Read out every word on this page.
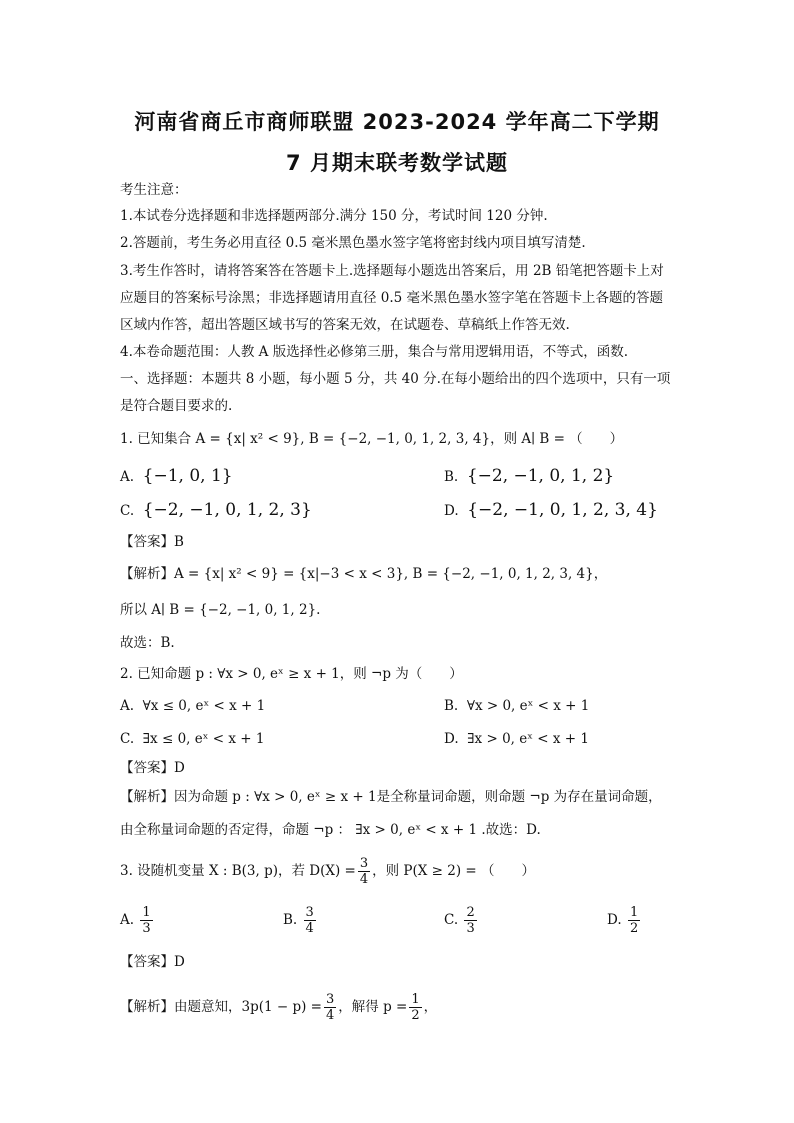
河南省商丘市商师联盟 2023-2024 学年高二下学期
7 月期末联考数学试题
考生注意：
1.本试卷分选择题和非选择题两部分.满分 150 分，考试时间 120 分钟.
2.答题前，考生务必用直径 0.5 毫米黑色墨水签字笔将密封线内项目填写清楚.
3.考生作答时，请将答案答在答题卡上.选择题每小题选出答案后，用 2B 铅笔把答题卡上对
应题目的答案标号涂黑；非选择题请用直径 0.5 毫米黑色墨水签字笔在答题卡上各题的答题
区域内作答，超出答题区域书写的答案无效，在试题卷、草稿纸上作答无效.
4.本卷命题范围：人教 A 版选择性必修第三册，集合与常用逻辑用语，不等式，函数.
一、选择题：本题共 8 小题，每小题 5 分，共 40 分.在每小题给出的四个选项中，只有一项
是符合题目要求的.
1. 已知集合 A = {x| x² < 9}, B = {−2, −1, 0, 1, 2, 3, 4}，则 A∣ B = （　　）
A. {−1, 0, 1}	B. {−2, −1, 0, 1, 2}
C. {−2, −1, 0, 1, 2, 3}	D. {−2, −1, 0, 1, 2, 3, 4}
【答案】B
【解析】A = {x| x² < 9} = {x|−3 < x < 3}, B = {−2, −1, 0, 1, 2, 3, 4}，
所以 A∣ B = {−2, −1, 0, 1, 2}.
故选：B.
2. 已知命题 p : ∀x > 0, eˣ ≥ x + 1，则 ¬p 为（　　）
A. ∀x ≤ 0, eˣ < x + 1	B. ∀x > 0, eˣ < x + 1
C. ∃x ≤ 0, eˣ < x + 1	D. ∃x > 0, eˣ < x + 1
【答案】D
【解析】因为命题 p : ∀x > 0, eˣ ≥ x + 1是全称量词命题，则命题 ¬p 为存在量词命题，
由全称量词命题的否定得，命题 ¬p ： ∃x > 0, eˣ < x + 1 .故选：D.
3. 设随机变量 X : B(3, p)，若 $D(X) = \frac{3}{4}$ ，则 P(X ≥ 2) = （　　）
A. $\frac{1}{3}$	B. $\frac{3}{4}$	C. $\frac{2}{3}$	D. $\frac{1}{2}$
【答案】D
【解析】由题意知，$3p(1 - p) = \frac{3}{4}$ ，解得 $p = \frac{1}{2}$ ，
